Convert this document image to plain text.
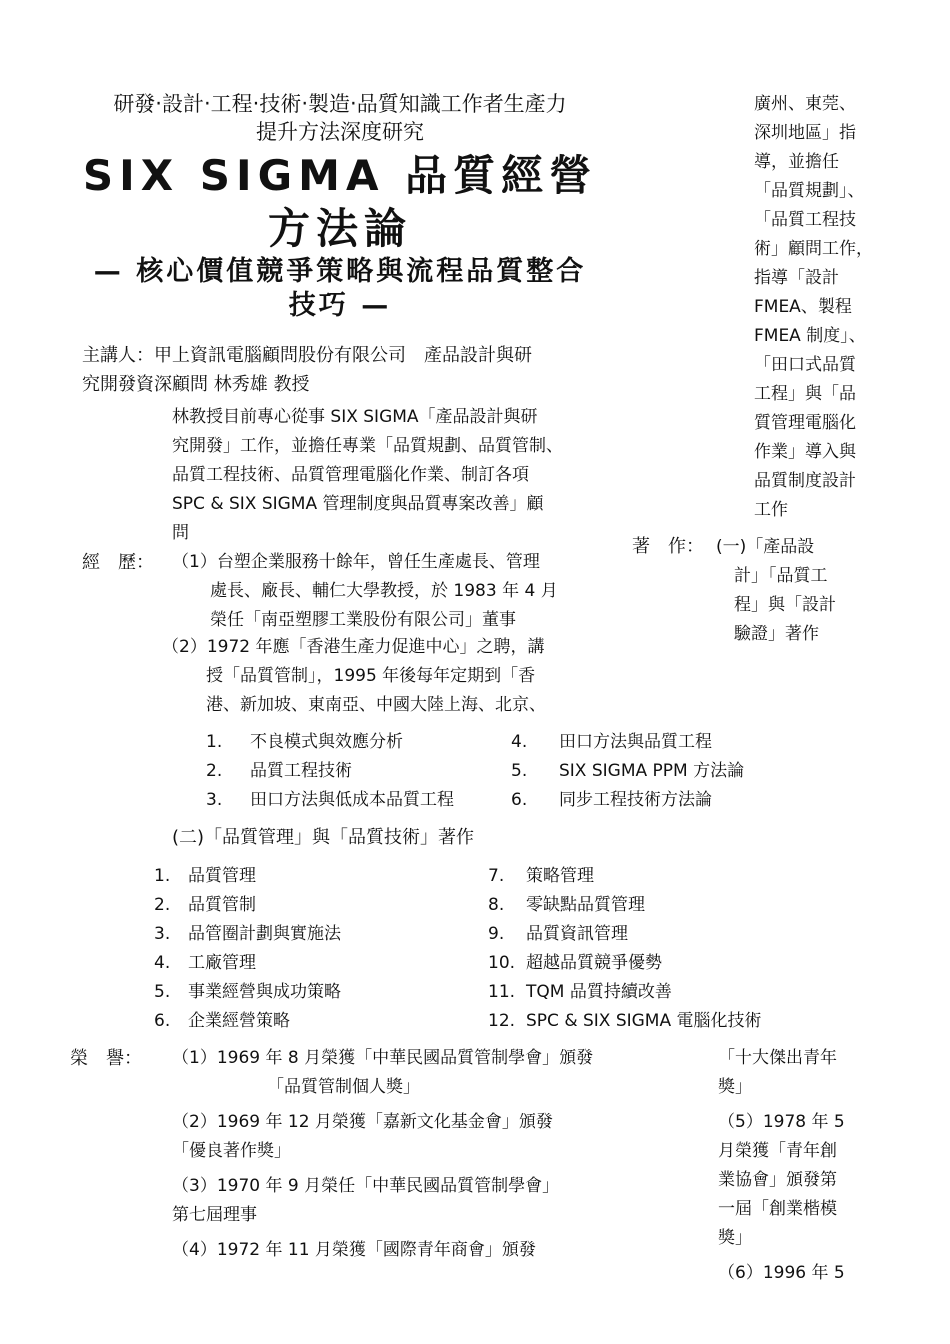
研發‧設計‧工程‧技術‧製造‧品質知識工作者生產力
提升方法深度研究
SIX SIGMA 品質經營
方法論
— 核心價值競爭策略與流程品質整合
技巧 —
主講人：甲上資訊電腦顧問股份有限公司　產品設計與研
究開發資深顧問 林秀雄 教授
林教授目前專心從事 SIX SIGMA「產品設計與研
究開發」工作，並擔任專業「品質規劃、品質管制、
品質工程技術、品質管理電腦化作業、制訂各項
SPC & SIX SIGMA 管理制度與品質專案改善」顧
問
廣州、東莞、
深圳地區」指
導，並擔任
「品質規劃」、
「品質工程技
術」顧問工作，
指導「設計
FMEA、製程
FMEA 制度」、
「田口式品質
工程」與「品
質管理電腦化
作業」導入與
品質制度設計
工作
經　歷： （1）台塑企業服務十餘年，曾任生產處長、管理
處長、廠長、輔仁大學教授，於 1983 年 4 月
榮任「南亞塑膠工業股份有限公司」董事
（2）1972 年應「香港生產力促進中心」之聘，講
授「品質管制」，1995 年後每年定期到「香
港、新加坡、東南亞、中國大陸上海、北京、
著　作： (一)「產品設
計」「品質工
程」與「設計
驗證」著作
1. 不良模式與效應分析
2. 品質工程技術
3. 田口方法與低成本品質工程
4. 田口方法與品質工程
5. SIX SIGMA PPM 方法論
6. 同步工程技術方法論
(二)「品質管理」與「品質技術」著作
1. 品質管理
2. 品質管制
3. 品管圈計劃與實施法
4. 工廠管理
5. 事業經營與成功策略
6. 企業經營策略
7. 策略管理
8. 零缺點品質管理
9. 品質資訊管理
10. 超越品質競爭優勢
11. TQM 品質持續改善
12. SPC & SIX SIGMA 電腦化技術
榮　譽： （1）1969 年 8 月榮獲「中華民國品質管制學會」頒發
「品質管制個人獎」
（2）1969 年 12 月榮獲「嘉新文化基金會」頒發
「優良著作獎」
（3）1970 年 9 月榮任「中華民國品質管制學會」
第七屆理事
（4）1972 年 11 月榮獲「國際青年商會」頒發
「十大傑出青年
獎」
（5）1978 年 5
月榮獲「青年創
業協會」頒發第
一屆「創業楷模
獎」
（6）1996 年 5
